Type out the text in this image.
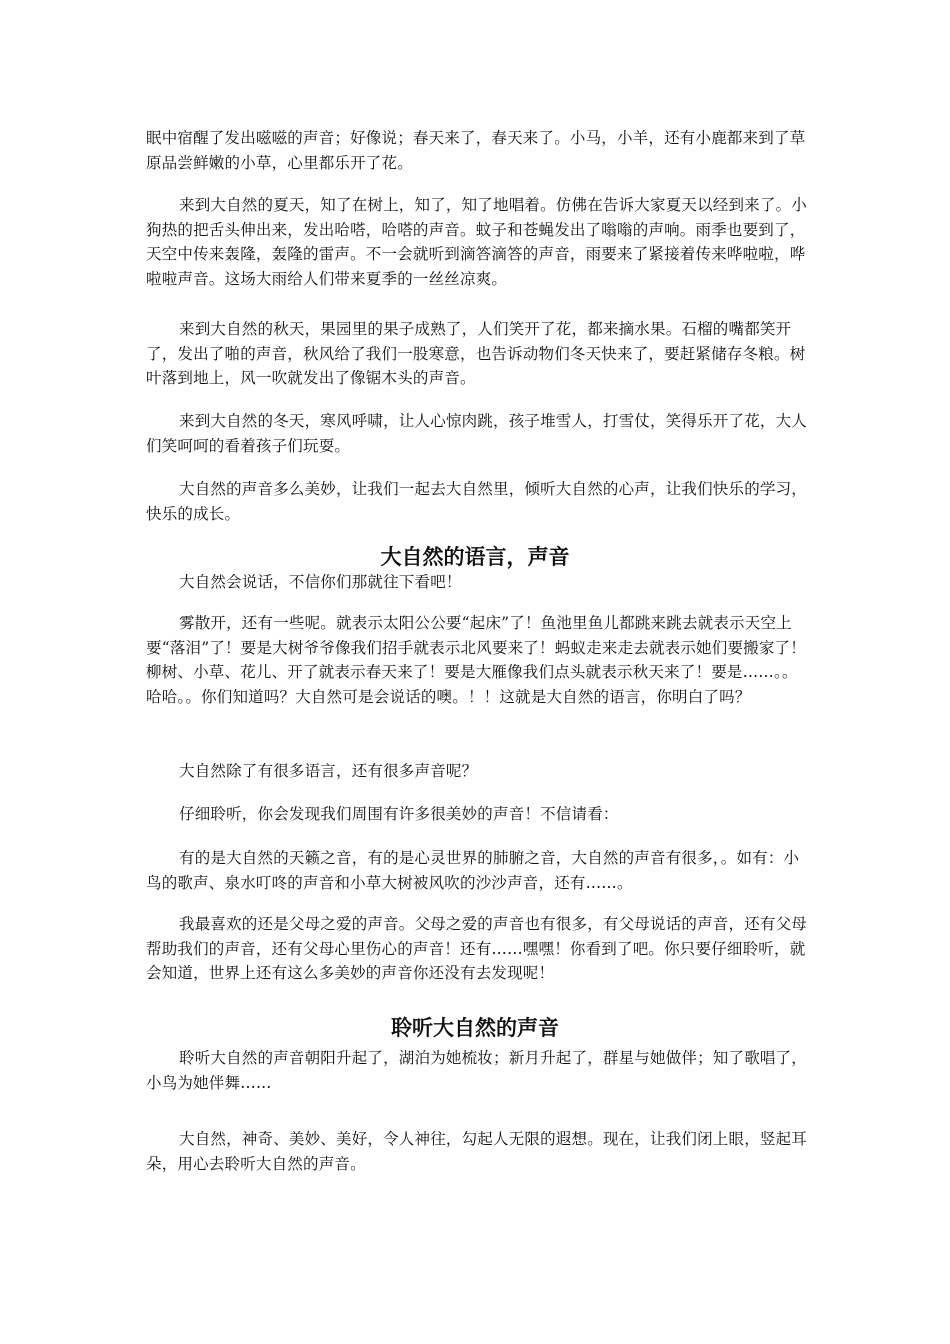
眠中宿醒了发出嗞嗞的声音；好像说；春天来了，春天来了。小马，小羊，还有小鹿都来到了草原品尝鲜嫩的小草，心里都乐开了花。

来到大自然的夏天，知了在树上，知了，知了地唱着。仿佛在告诉大家夏天以经到来了。小狗热的把舌头伸出来，发出哈嗒，哈嗒的声音。蚊子和苍蝇发出了嗡嗡的声响。雨季也要到了，天空中传来轰隆，轰隆的雷声。不一会就听到滴答滴答的声音，雨要来了紧接着传来哗啦啦，哗啦啦声音。这场大雨给人们带来夏季的一丝丝凉爽。

来到大自然的秋天，果园里的果子成熟了，人们笑开了花，都来摘水果。石榴的嘴都笑开了，发出了啪的声音，秋风给了我们一股寒意，也告诉动物们冬天快来了，要赶紧储存冬粮。树叶落到地上，风一吹就发出了像锯木头的声音。

来到大自然的冬天，寒风呼啸，让人心惊肉跳，孩子堆雪人，打雪仗，笑得乐开了花，大人们笑呵呵的看着孩子们玩耍。

大自然的声音多么美妙，让我们一起去大自然里，倾听大自然的心声，让我们快乐的学习，快乐的成长。

大自然的语言，声音

大自然会说话，不信你们那就往下看吧！

雾散开，还有一些呢。就表示太阳公公要“起床”了！鱼池里鱼儿都跳来跳去就表示天空上要“落泪”了！要是大树爷爷像我们招手就表示北风要来了！蚂蚁走来走去就表示她们要搬家了！柳树、小草、花儿、开了就表示春天来了！要是大雁像我们点头就表示秋天来了！要是……。。哈哈。。你们知道吗？大自然可是会说话的噢。！！这就是大自然的语言，你明白了吗？

大自然除了有很多语言，还有很多声音呢？

仔细聆听，你会发现我们周围有许多很美妙的声音！不信请看：

有的是大自然的天籁之音，有的是心灵世界的肺腑之音，大自然的声音有很多，。如有：小鸟的歌声、泉水叮咚的声音和小草大树被风吹的沙沙声音，还有……。

我最喜欢的还是父母之爱的声音。父母之爱的声音也有很多，有父母说话的声音，还有父母帮助我们的声音，还有父母心里伤心的声音！还有……嘿嘿！你看到了吧。你只要仔细聆听，就会知道，世界上还有这么多美妙的声音你还没有去发现呢！

聆听大自然的声音

聆听大自然的声音朝阳升起了，湖泊为她梳妆；新月升起了，群星与她做伴；知了歌唱了，小鸟为她伴舞……

大自然，神奇、美妙、美好，令人神往，勾起人无限的遐想。现在，让我们闭上眼，竖起耳朵，用心去聆听大自然的声音。
